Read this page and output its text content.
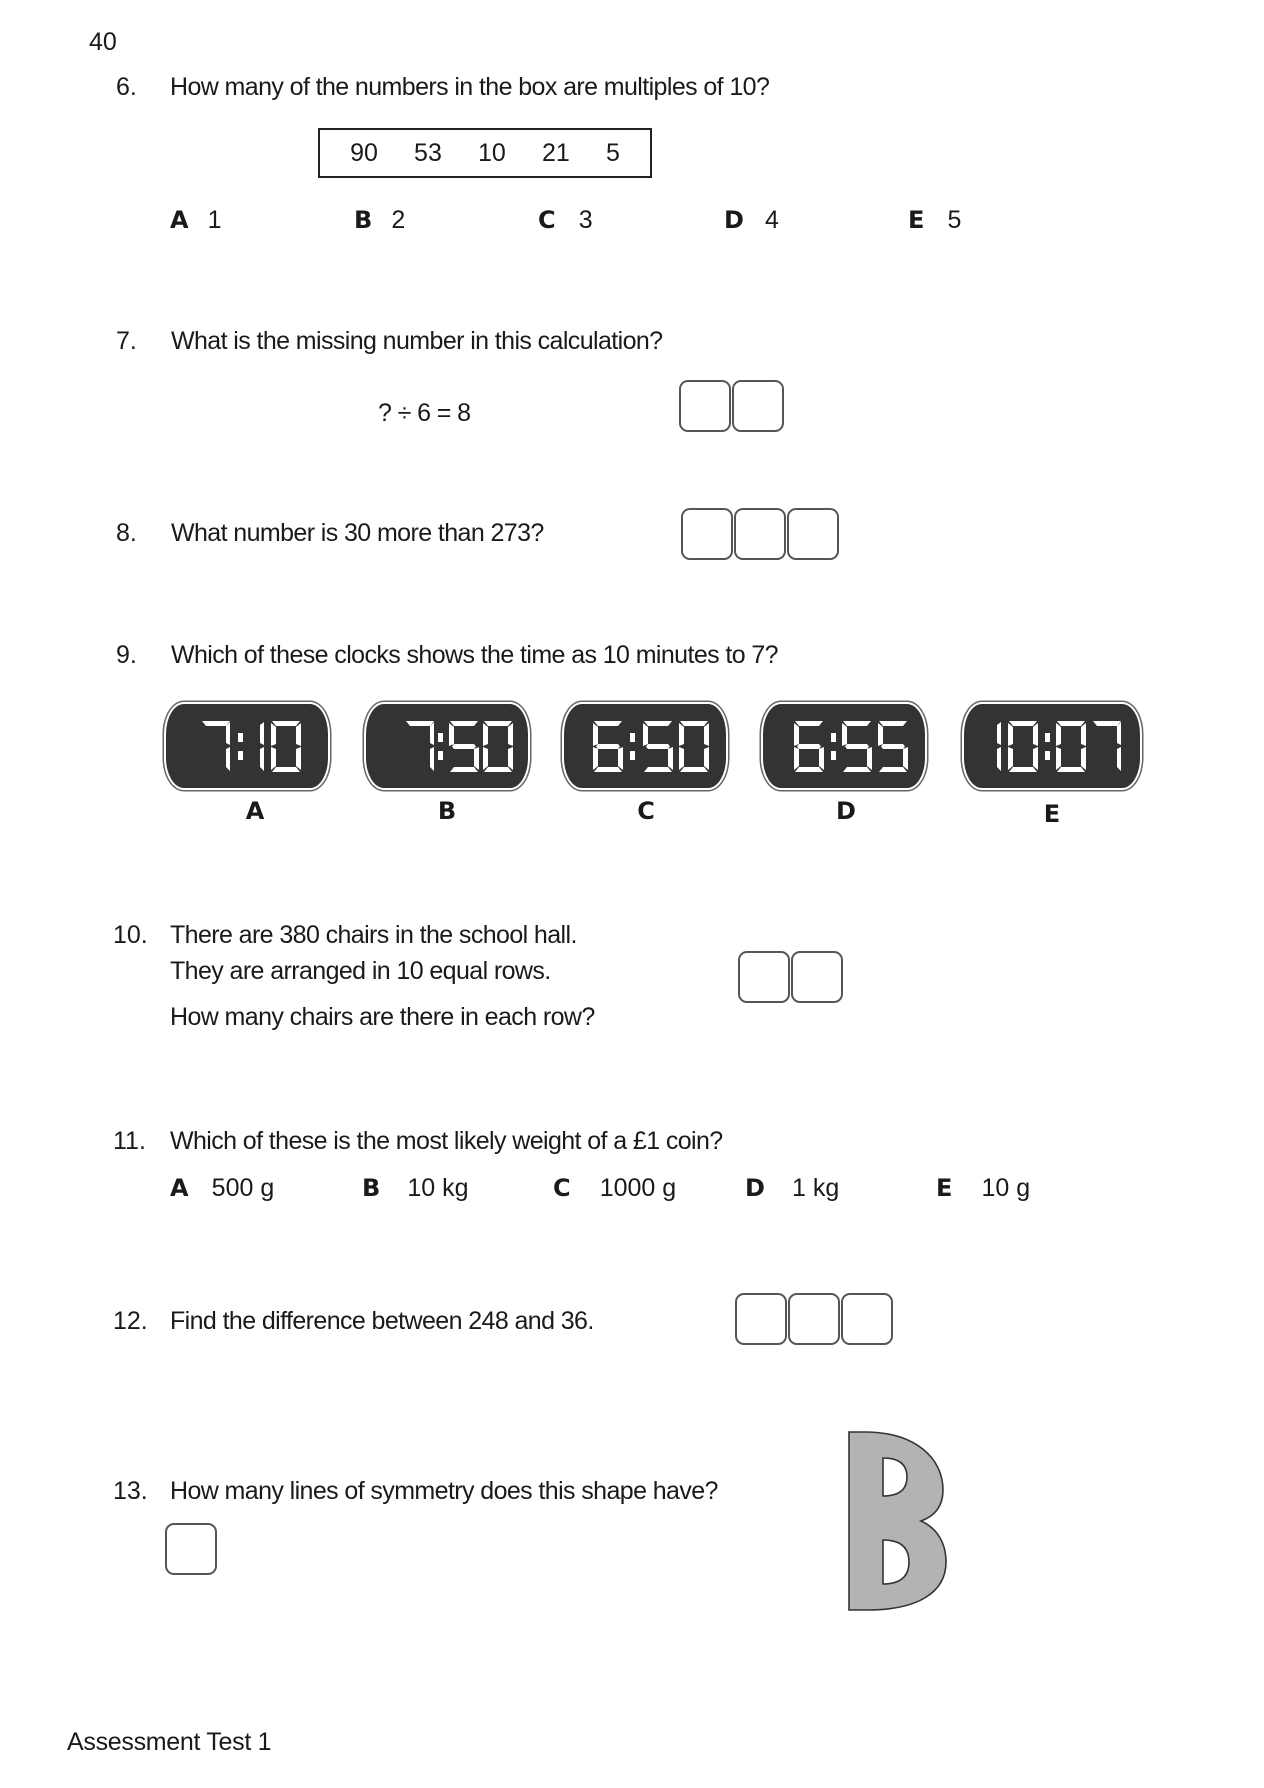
40
6. How many of the numbers in the box are multiples of 10?
90 53 10 21 5
A 1	B 2	C 3	D 4	E 5
7. What is the missing number in this calculation?
? ÷ 6 = 8
8. What number is 30 more than 273?
9. Which of these clocks shows the time as 10 minutes to 7?
A	B	C	D	E
10. There are 380 chairs in the school hall.
They are arranged in 10 equal rows.
How many chairs are there in each row?
11. Which of these is the most likely weight of a £1 coin?
A 500 g	B 10 kg	C 1000 g	D 1 kg	E 10 g
12. Find the difference between 248 and 36.
13. How many lines of symmetry does this shape have?
Assessment Test 1
